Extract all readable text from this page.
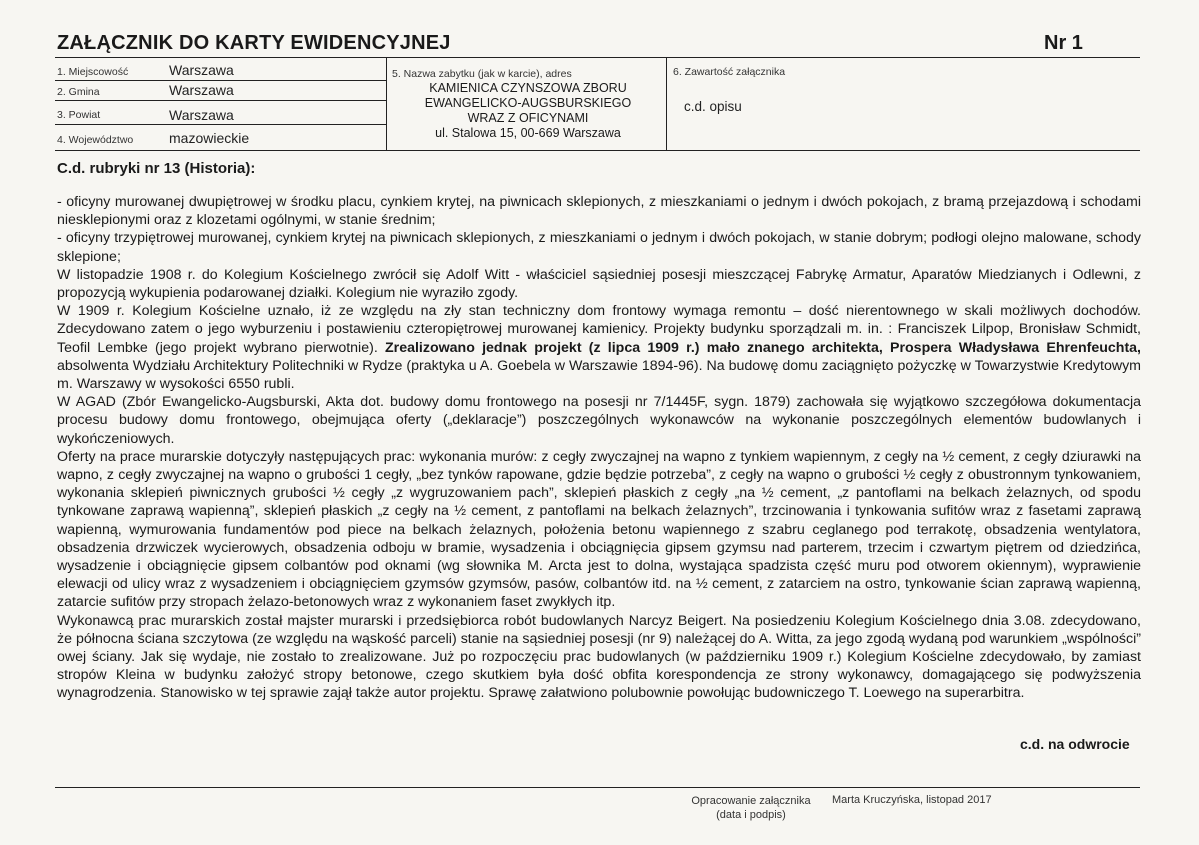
ZAŁĄCZNIK DO KARTY EWIDENCYJNEJ	Nr 1
1. Miejscowość	Warszawa
2. Gmina	Warszawa
3. Powiat	Warszawa
4. Województwo	mazowieckie
5. Nazwa zabytku (jak w karcie), adres
KAMIENICA CZYNSZOWA ZBORU
EWANGELICKO-AUGSBURSKIEGO
WRAZ Z OFICYNAMI
ul. Stalowa 15, 00-669 Warszawa
6. Zawartość załącznika
c.d. opisu
C.d. rubryki nr 13 (Historia):

- oficyny murowanej dwupiętrowej w środku placu, cynkiem krytej, na piwnicach sklepionych, z mieszkaniami o jednym i dwóch pokojach, z bramą przejazdową i schodami niesklepionymi oraz z klozetami ogólnymi, w stanie średnim;

- oficyny trzypiętrowej murowanej, cynkiem krytej na piwnicach sklepionych, z mieszkaniami o jednym i dwóch pokojach, w stanie dobrym; podłogi olejno malowane, schody sklepione;

W listopadzie 1908 r. do Kolegium Kościelnego zwrócił się Adolf Witt - właściciel sąsiedniej posesji mieszczącej Fabrykę Armatur, Aparatów Miedzianych i Odlewni, z propozycją wykupienia podarowanej działki. Kolegium nie wyraziło zgody.

W 1909 r. Kolegium Kościelne uznało, iż ze względu na zły stan techniczny dom frontowy wymaga remontu – dość nierentownego w skali możliwych dochodów. Zdecydowano zatem o jego wyburzeniu i postawieniu czteropiętrowej murowanej kamienicy. Projekty budynku sporządzali m. in. : Franciszek Lilpop, Bronisław Schmidt, Teofil Lembke (jego projekt wybrano pierwotnie). Zrealizowano jednak projekt (z lipca 1909 r.) mało znanego architekta, Prospera Władysława Ehrenfeuchta, absolwenta Wydziału Architektury Politechniki w Rydze (praktyka u A. Goebela w Warszawie 1894-96). Na budowę domu zaciągnięto pożyczkę w Towarzystwie Kredytowym m. Warszawy w wysokości 6550 rubli.

W AGAD (Zbór Ewangelicko-Augsburski, Akta dot. budowy domu frontowego na posesji nr 7/1445F, sygn. 1879) zachowała się wyjątkowo szczegółowa dokumentacja procesu budowy domu frontowego, obejmująca oferty („deklaracje”) poszczególnych wykonawców na wykonanie poszczególnych elementów budowlanych i wykończeniowych.

Oferty na prace murarskie dotyczyły następujących prac: wykonania murów: z cegły zwyczajnej na wapno z tynkiem wapiennym, z cegły na ½ cement, z cegły dziurawki na wapno, z cegły zwyczajnej na wapno o grubości 1 cegły, „bez tynków rapowane, gdzie będzie potrzeba”, z cegły na wapno o grubości ½ cegły z obustronnym tynkowaniem, wykonania sklepień piwnicznych grubości ½ cegły „z wygruzowaniem pach”, sklepień płaskich z cegły „na ½ cement, „z pantoflami na belkach żelaznych, od spodu tynkowane zaprawą wapienną”, sklepień płaskich „z cegły na ½ cement, z pantoflami na belkach żelaznych”, trzcinowania i tynkowania sufitów wraz z fasetami zaprawą wapienną, wymurowania fundamentów pod piece na belkach żelaznych, położenia betonu wapiennego z szabru ceglanego pod terrakotę, obsadzenia wentylatora, obsadzenia drzwiczek wycierowych, obsadzenia odboju w bramie, wysadzenia i obciągnięcia gipsem gzymsu nad parterem, trzecim i czwartym piętrem od dziedzińca, wysadzenie i obciągnięcie gipsem colbantów pod oknami (wg słownika M. Arcta jest to dolna, wystająca spadzista część muru pod otworem okiennym), wyprawienie elewacji od ulicy wraz z wysadzeniem i obciągnięciem gzymsów gzymsów, pasów, colbantów itd. na ½ cement, z zatarciem na ostro, tynkowanie ścian zaprawą wapienną, zatarcie sufitów przy stropach żelazo-betonowych wraz z wykonaniem faset zwykłych itp.

Wykonawcą prac murarskich został majster murarski i przedsiębiorca robót budowlanych Narcyz Beigert. Na posiedzeniu Kolegium Kościelnego dnia 3.08. zdecydowano, że północna ściana szczytowa (ze względu na wąskość parceli) stanie na sąsiedniej posesji (nr 9) należącej do A. Witta, za jego zgodą wydaną pod warunkiem „wspólności” owej ściany. Jak się wydaje, nie zostało to zrealizowane. Już po rozpoczęciu prac budowlanych (w październiku 1909 r.) Kolegium Kościelne zdecydowało, by zamiast stropów Kleina w budynku założyć stropy betonowe, czego skutkiem była dość obfita korespondencja ze strony wykonawcy, domagającego się podwyższenia wynagrodzenia. Stanowisko w tej sprawie zajął także autor projektu. Sprawę załatwiono polubownie powołując budowniczego T. Loewego na superarbitra.

c.d. na odwrocie
Opracowanie załącznika
(data i podpis)
Marta Kruczyńska, listopad 2017
